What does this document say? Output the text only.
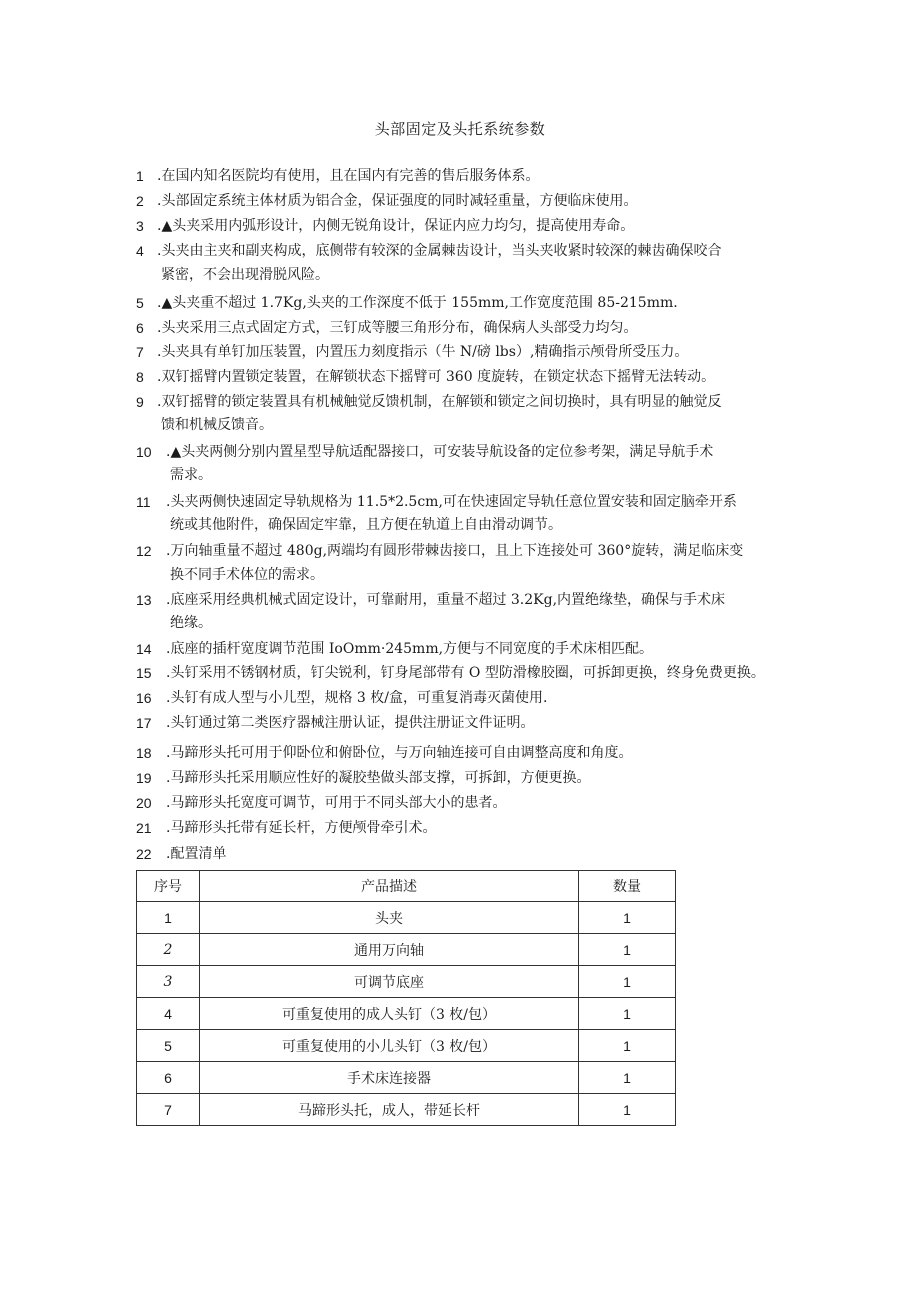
头部固定及头托系统参数
1 .在国内知名医院均有使用，且在国内有完善的售后服务体系。
2 .头部固定系统主体材质为铝合金，保证强度的同时减轻重量，方便临床使用。
3 .▲头夹采用内弧形设计，内侧无锐角设计，保证内应力均匀，提高使用寿命。
4 .头夹由主夹和副夹构成，底侧带有较深的金属棘齿设计，当头夹收紧时较深的棘齿确保咬合
紧密，不会出现滑脱风险。
5 .▲头夹重不超过 1.7Kg,头夹的工作深度不低于 155mm,工作宽度范围 85-215mm.
6 .头夹采用三点式固定方式，三钉成等腰三角形分布，确保病人头部受力均匀。
7 .头夹具有单钉加压装置，内置压力刻度指示（牛 N/磅 lbs）,精确指示颅骨所受压力。
8 .双钉摇臂内置锁定装置，在解锁状态下摇臂可 360 度旋转，在锁定状态下摇臂无法转动。
9 .双钉摇臂的锁定装置具有机械触觉反馈机制，在解锁和锁定之间切换时，具有明显的触觉反
馈和机械反馈音。
10 .▲头夹两侧分别内置星型导航适配器接口，可安装导航设备的定位参考架，满足导航手术
需求。
11 .头夹两侧快速固定导轨规格为 11.5*2.5cm,可在快速固定导轨任意位置安装和固定脑牵开系
统或其他附件，确保固定牢靠，且方便在轨道上自由滑动调节。
12 .万向轴重量不超过 480g,两端均有圆形带棘齿接口，且上下连接处可 360°旋转，满足临床变
换不同手术体位的需求。
13 .底座采用经典机械式固定设计，可靠耐用，重量不超过 3.2Kg,内置绝缘垫，确保与手术床
绝缘。
14 .底座的插杆宽度调节范围 IoOmm·245mm,方便与不同宽度的手术床相匹配。
15 .头钉采用不锈钢材质，钉尖锐利，钉身尾部带有 O 型防滑橡胶圈，可拆卸更换，终身免费更换。
16 .头钉有成人型与小儿型，规格 3 枚/盒，可重复消毒灭菌使用.
17 .头钉通过第二类医疗器械注册认证，提供注册证文件证明。
18 .马蹄形头托可用于仰卧位和俯卧位，与万向轴连接可自由调整高度和角度。
19 .马蹄形头托采用顺应性好的凝胶垫做头部支撑，可拆卸，方便更换。
20 .马蹄形头托宽度可调节，可用于不同头部大小的患者。
21 .马蹄形头托带有延长杆，方便颅骨牵引术。
22 .配置清单
序号	产品描述	数量
1	头夹	1
2	通用万向轴	1
3	可调节底座	1
4	可重复使用的成人头钉（3 枚/包）	1
5	可重复使用的小儿头钉（3 枚/包）	1
6	手术床连接器	1
7	马蹄形头托，成人，带延长杆	1
